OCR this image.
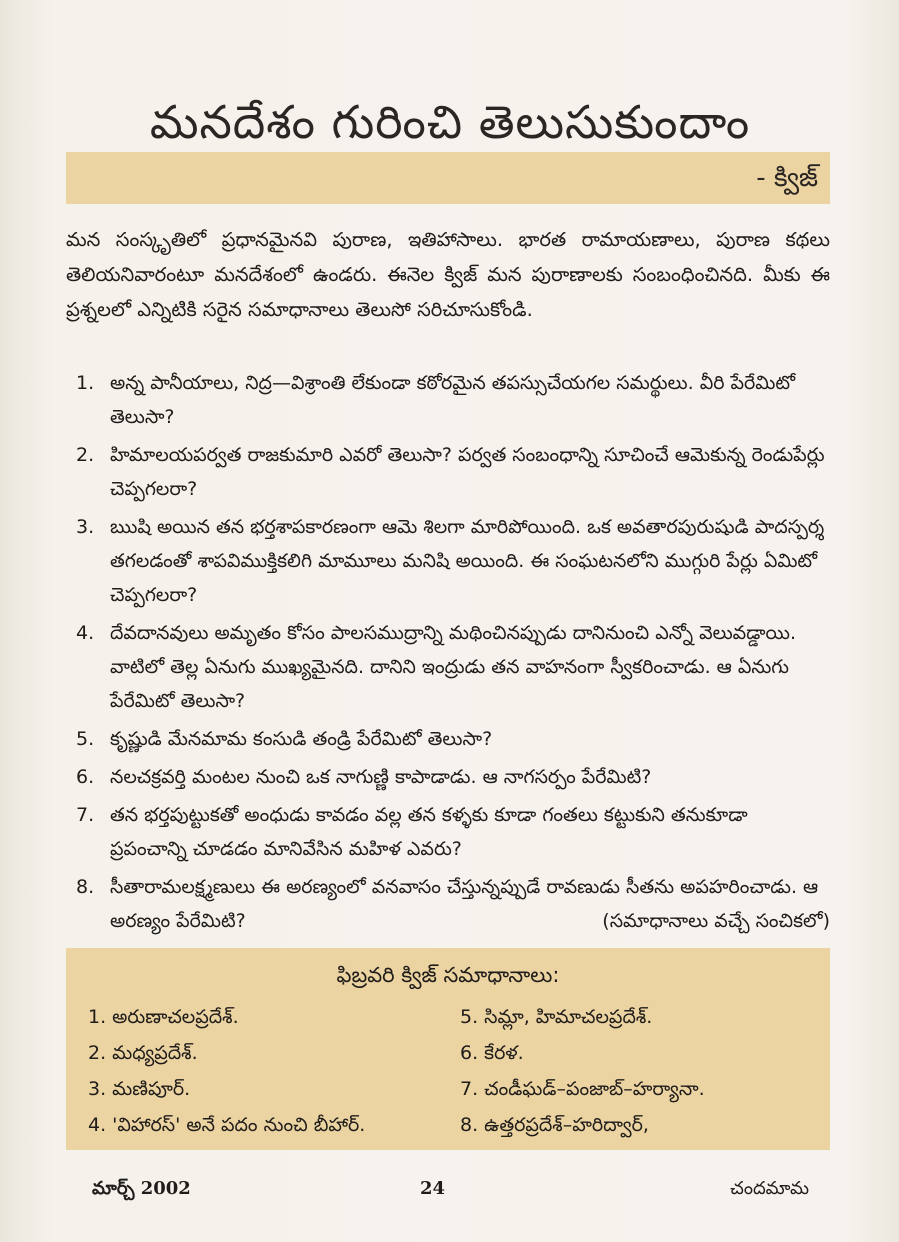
మనదేశం గురించి తెలుసుకుందాం
- క్విజ్
మన సంస్కృతిలో ప్రధానమైనవి పురాణ, ఇతిహాసాలు. భారత రామాయణాలు, పురాణ కథలు తెలియనివారంటూ మనదేశంలో ఉండరు. ఈనెల క్విజ్ మన పురాణాలకు సంబంధించినది. మీకు ఈ ప్రశ్నలలో ఎన్నిటికి సరైన సమాధానాలు తెలుసో సరిచూసుకోండి.
1. అన్న పానీయాలు, నిద్ర—విశ్రాంతి లేకుండా కఠోరమైన తపస్సుచేయగల సమర్థులు. వీరి పేరేమిటో తెలుసా?
2. హిమాలయపర్వత రాజకుమారి ఎవరో తెలుసా? పర్వత సంబంధాన్ని సూచించే ఆమెకున్న రెండుపేర్లు చెప్పగలరా?
3. ఋషి అయిన తన భర్తశాపకారణంగా ఆమె శిలగా మారిపోయింది. ఒక అవతారపురుషుడి పాదస్పర్శ తగలడంతో శాపవిముక్తికలిగి మామూలు మనిషి అయింది. ఈ సంఘటనలోని ముగ్గురి పేర్లు ఏమిటో చెప్పగలరా?
4. దేవదానవులు అమృతం కోసం పాలసముద్రాన్ని మథించినప్పుడు దానినుంచి ఎన్నో వెలువడ్డాయి. వాటిలో తెల్ల ఏనుగు ముఖ్యమైనది. దానిని ఇంద్రుడు తన వాహనంగా స్వీకరించాడు. ఆ ఏనుగు పేరేమిటో తెలుసా?
5. కృష్ణుడి మేనమామ కంసుడి తండ్రి పేరేమిటో తెలుసా?
6. నలచక్రవర్తి మంటల నుంచి ఒక నాగుణ్ణి కాపాడాడు. ఆ నాగసర్పం పేరేమిటి?
7. తన భర్తపుట్టుకతో అంధుడు కావడం వల్ల తన కళ్ళకు కూడా గంతలు కట్టుకుని తనుకూడా ప్రపంచాన్ని చూడడం మానివేసిన మహిళ ఎవరు?
8. సీతారామలక్ష్మణులు ఈ అరణ్యంలో వనవాసం చేస్తున్నప్పుడే రావణుడు సీతను అపహరించాడు. ఆ అరణ్యం పేరేమిటి?	(సమాధానాలు వచ్చే సంచికలో)
ఫిబ్రవరి క్విజ్ సమాధానాలు:
1. అరుణాచలప్రదేశ్.	5. సిమ్లా, హిమాచలప్రదేశ్.
2. మధ్యప్రదేశ్.	6. కేరళ.
3. మణిపూర్.	7. చండీఘడ్–పంజాబ్–హర్యానా.
4. 'విహారస్' అనే పదం నుంచి బీహార్.	8. ఉత్తరప్రదేశ్–హరిద్వార్,
మార్చ్ 2002	24	చందమామ
